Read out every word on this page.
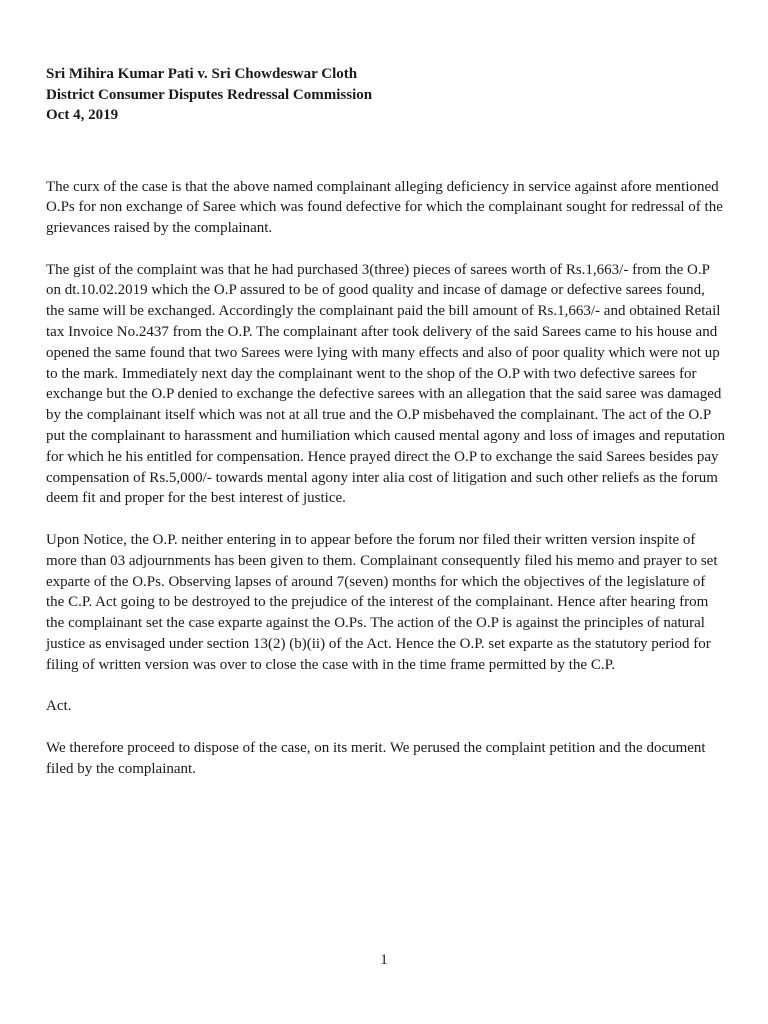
Sri Mihira Kumar Pati v. Sri Chowdeswar Cloth

District Consumer Disputes Redressal Commission

Oct 4, 2019

The curx of the case is that the above named complainant alleging deficiency in service against afore mentioned O.Ps for non exchange of Saree which was found defective for which the complainant sought for redressal of the grievances raised by the complainant.

The gist of the complaint was that he had purchased 3(three) pieces of sarees worth of Rs.1,663/- from the O.P on dt.10.02.2019 which the O.P assured to be of good quality and incase of damage or defective sarees found, the same will be exchanged. Accordingly the complainant paid the bill amount of Rs.1,663/- and obtained Retail tax Invoice No.2437 from the O.P. The complainant after took delivery of the said Sarees came to his house and opened the same found that two Sarees were lying with many effects and also of poor quality which were not up to the mark. Immediately next day the complainant went to the shop of the O.P with two defective sarees for exchange but the O.P denied to exchange the defective sarees with an allegation that the said saree was damaged by the complainant itself which was not at all true and the O.P misbehaved the complainant. The act of the O.P put the complainant to harassment and humiliation which caused mental agony and loss of images and reputation for which he his entitled for compensation. Hence prayed direct the O.P to exchange the said Sarees besides pay compensation of Rs.5,000/- towards mental agony inter alia cost of litigation and such other reliefs as the forum deem fit and proper for the best interest of justice.

Upon Notice, the O.P. neither entering in to appear before the forum nor filed their written version inspite of more than 03 adjournments has been given to them. Complainant consequently filed his memo and prayer to set exparte of the O.Ps. Observing lapses of around 7(seven) months for which the objectives of the legislature of the C.P. Act going to be destroyed to the prejudice of the interest of the complainant. Hence after hearing from the complainant set the case exparte against the O.Ps. The action of the O.P is against the principles of natural justice as envisaged under section 13(2) (b)(ii) of the Act. Hence the O.P. set exparte as the statutory period for filing of written version was over to close the case with in the time frame permitted by the C.P.

Act.

We therefore proceed to dispose of the case, on its merit. We perused the complaint petition and the document filed by the complainant.

1
